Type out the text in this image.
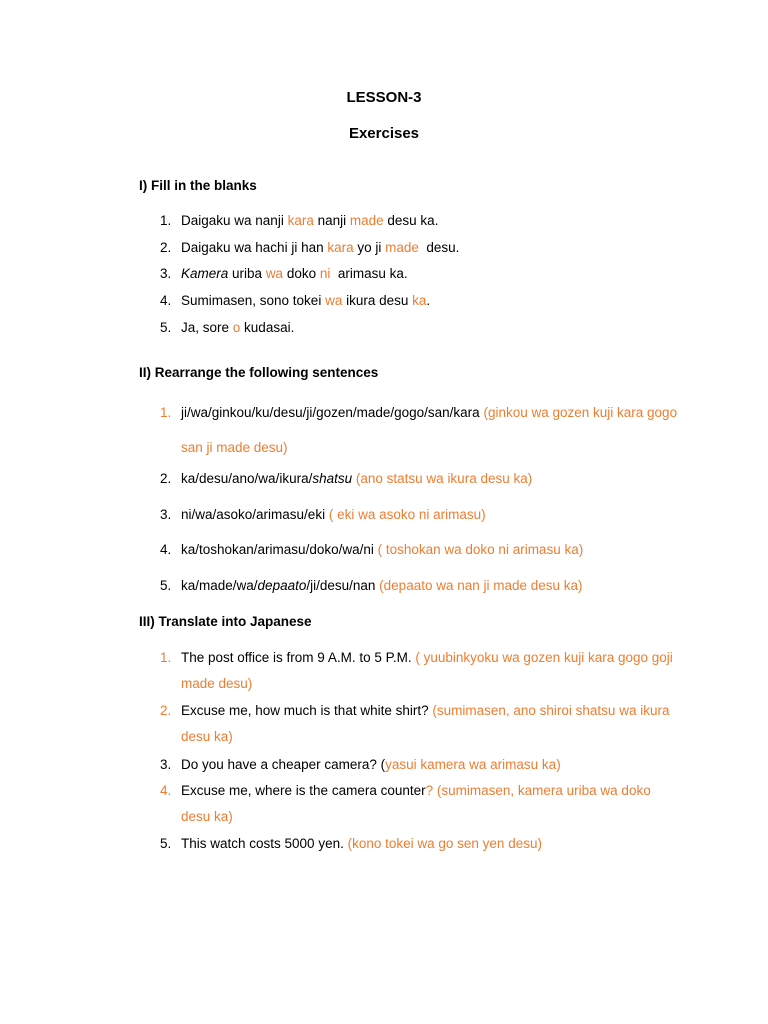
LESSON-3
Exercises
I) Fill in the blanks
1. Daigaku wa nanji kara nanji made desu ka.
2. Daigaku wa hachi ji han kara yo ji made  desu.
3. Kamera uriba wa doko ni  arimasu ka.
4. Sumimasen, sono tokei wa ikura desu ka.
5. Ja, sore o kudasai.
II) Rearrange the following sentences
1. ji/wa/ginkou/ku/desu/ji/gozen/made/gogo/san/kara (ginkou wa gozen kuji kara gogo san ji made desu)
2. ka/desu/ano/wa/ikura/shatsu (ano statsu wa ikura desu ka)
3. ni/wa/asoko/arimasu/eki ( eki wa asoko ni arimasu)
4. ka/toshokan/arimasu/doko/wa/ni ( toshokan wa doko ni arimasu ka)
5. ka/made/wa/depaato/ji/desu/nan (depaato wa nan ji made desu ka)
III) Translate into Japanese
1. The post office is from 9 A.M. to 5 P.M. ( yuubinkyoku wa gozen kuji kara gogo goji made desu)
2. Excuse me, how much is that white shirt? (sumimasen, ano shiroi shatsu wa ikura desu ka)
3. Do you have a cheaper camera? (yasui kamera wa arimasu ka)
4. Excuse me, where is the camera counter? (sumimasen, kamera uriba wa doko desu ka)
5. This watch costs 5000 yen. (kono tokei wa go sen yen desu)
